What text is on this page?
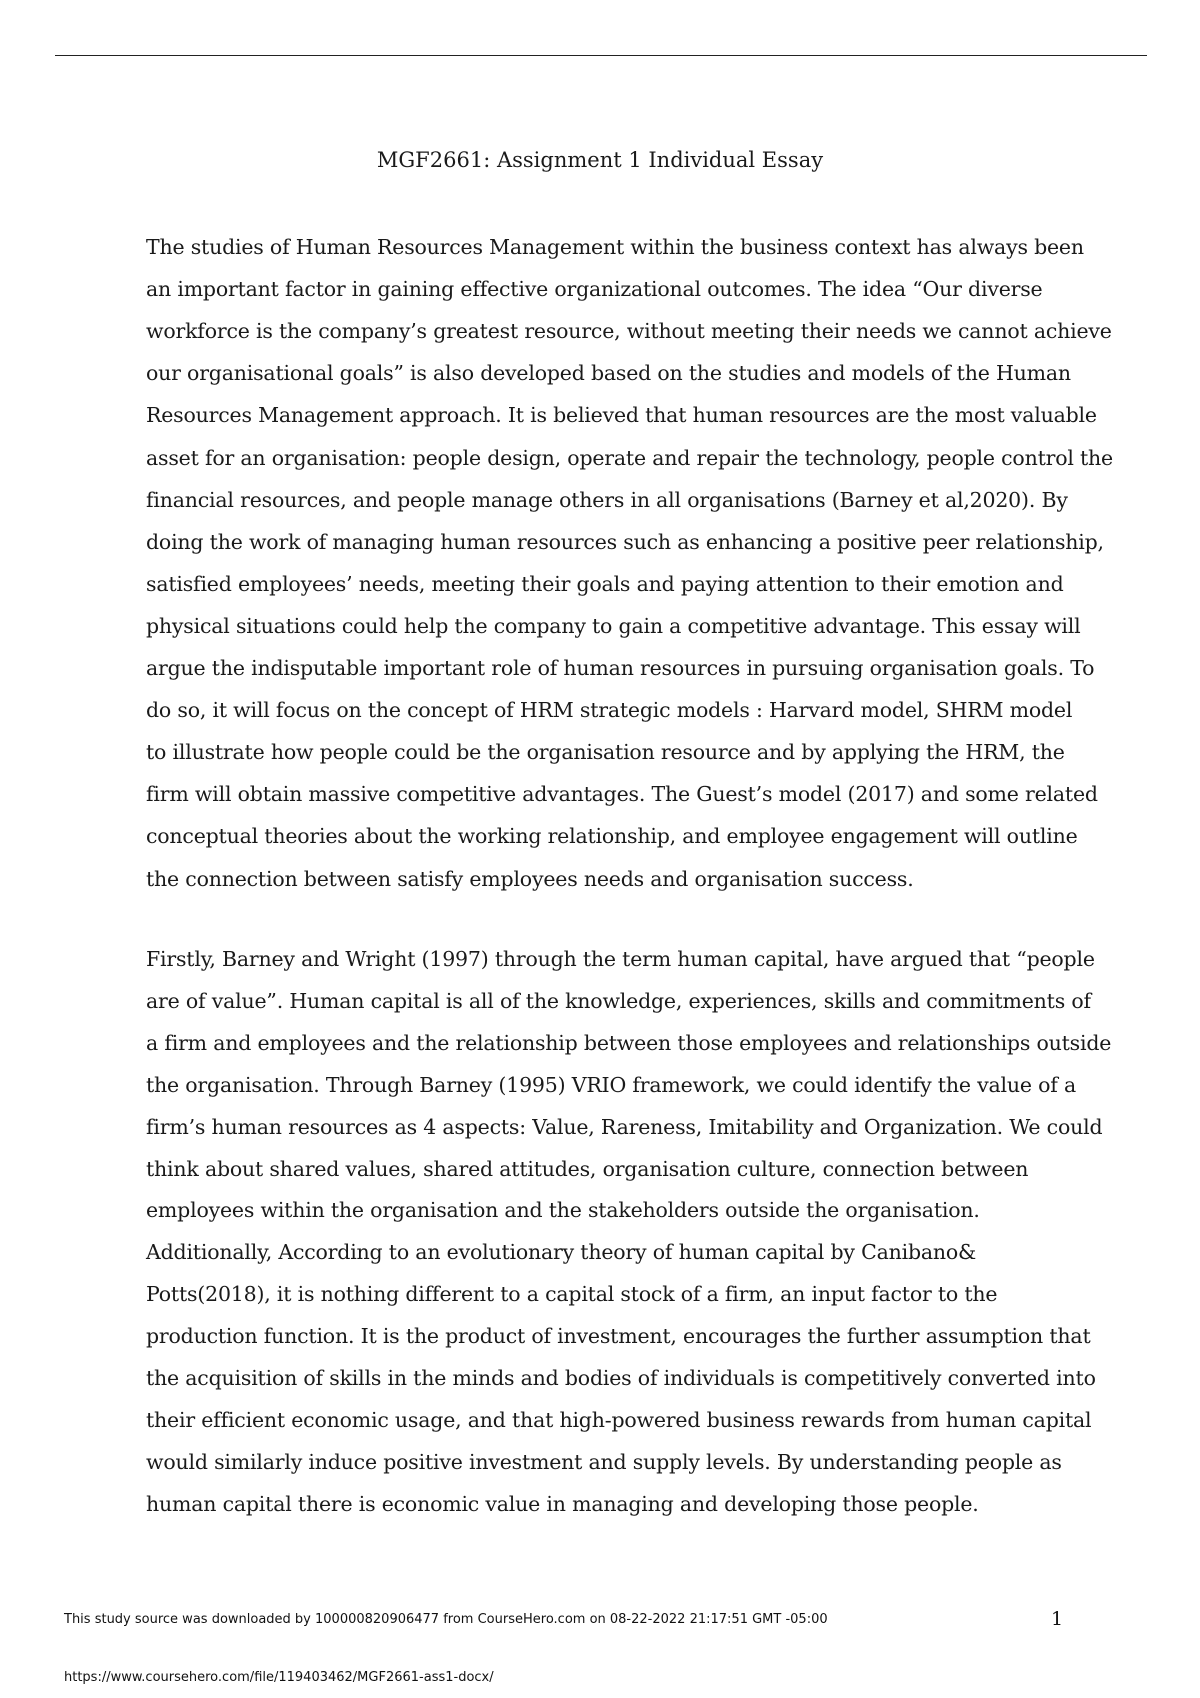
MGF2661: Assignment 1 Individual Essay
The studies of Human Resources Management within the business context has always been
an important factor in gaining effective organizational outcomes. The idea “Our diverse
workforce is the company’s greatest resource, without meeting their needs we cannot achieve
our organisational goals” is also developed based on the studies and models of the Human
Resources Management approach. It is believed that human resources are the most valuable
asset for an organisation: people design, operate and repair the technology, people control the
financial resources, and people manage others in all organisations (Barney et al,2020). By
doing the work of managing human resources such as enhancing a positive peer relationship,
satisfied employees’ needs, meeting their goals and paying attention to their emotion and
physical situations could help the company to gain a competitive advantage. This essay will
argue the indisputable important role of human resources in pursuing organisation goals. To
do so, it will focus on the concept of HRM strategic models : Harvard model, SHRM model
to illustrate how people could be the organisation resource and by applying the HRM, the
firm will obtain massive competitive advantages. The Guest’s model (2017) and some related
conceptual theories about the working relationship, and employee engagement will outline
the connection between satisfy employees needs and organisation success.
Firstly, Barney and Wright (1997) through the term human capital, have argued that “people
are of value”. Human capital is all of the knowledge, experiences, skills and commitments of
a firm and employees and the relationship between those employees and relationships outside
the organisation. Through Barney (1995) VRIO framework, we could identify the value of a
firm’s human resources as 4 aspects: Value, Rareness, Imitability and Organization. We could
think about shared values, shared attitudes, organisation culture, connection between
employees within the organisation and the stakeholders outside the organisation.
Additionally, According to an evolutionary theory of human capital by Canibano&
Potts(2018), it is nothing different to a capital stock of a firm, an input factor to the
production function. It is the product of investment, encourages the further assumption that
the acquisition of skills in the minds and bodies of individuals is competitively converted into
their efficient economic usage, and that high-powered business rewards from human capital
would similarly induce positive investment and supply levels. By understanding people as
human capital there is economic value in managing and developing those people.
This study source was downloaded by 100000820906477 from CourseHero.com on 08-22-2022 21:17:51 GMT -05:00	1
https://www.coursehero.com/file/119403462/MGF2661-ass1-docx/
